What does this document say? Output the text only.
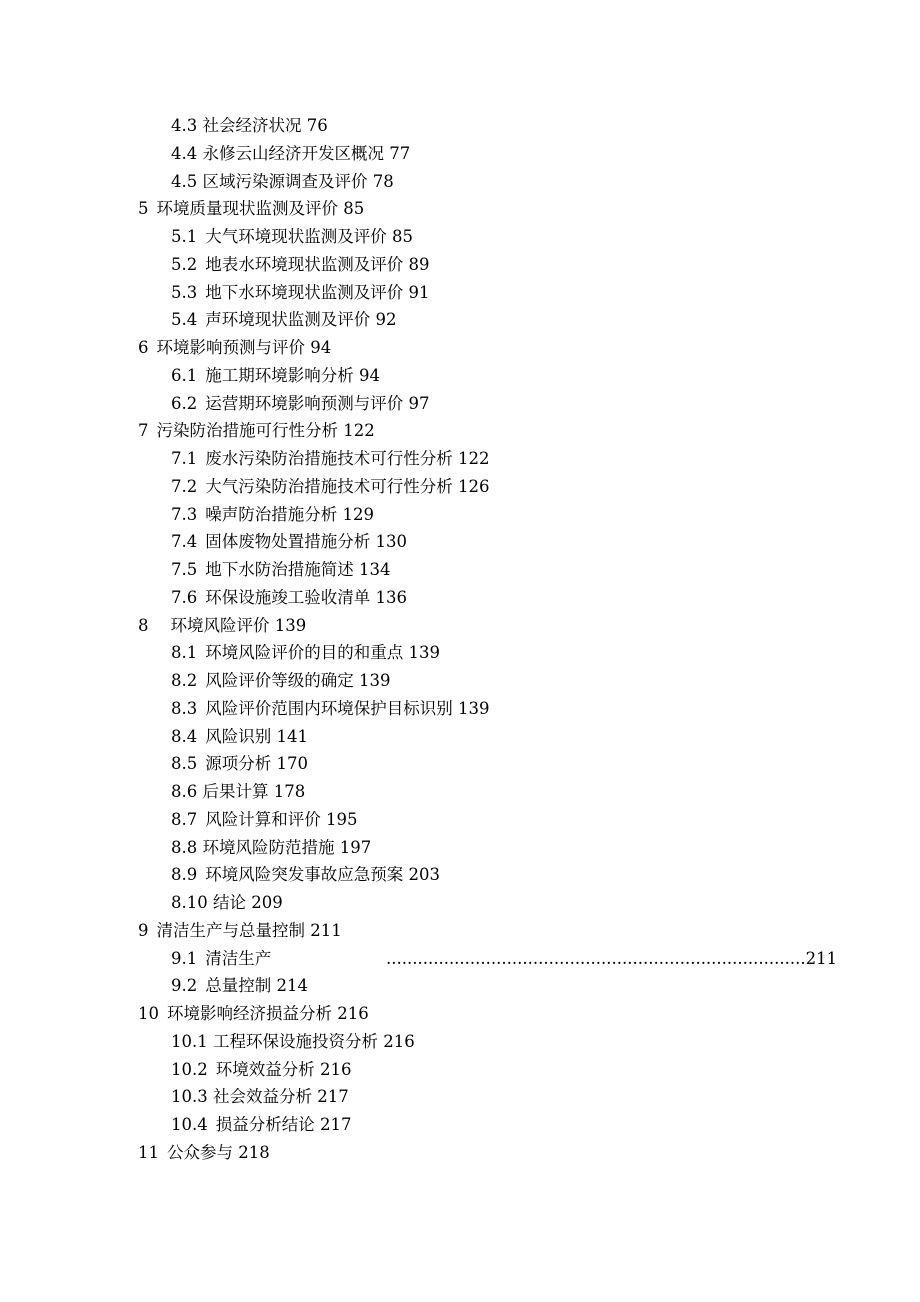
4.3 社会经济状况 76
4.4 永修云山经济开发区概况 77
4.5 区域污染源调查及评价 78
5 环境质量现状监测及评价 85
5.1 大气环境现状监测及评价 85
5.2 地表水环境现状监测及评价 89
5.3 地下水环境现状监测及评价 91
5.4 声环境现状监测及评价 92
6 环境影响预测与评价 94
6.1 施工期环境影响分析 94
6.2 运营期环境影响预测与评价 97
7 污染防治措施可行性分析 122
7.1 废水污染防治措施技术可行性分析 122
7.2 大气污染防治措施技术可行性分析 126
7.3 噪声防治措施分析 129
7.4 固体废物处置措施分析 130
7.5 地下水防治措施简述 134
7.6 环保设施竣工验收清单 136
8 环境风险评价 139
8.1 环境风险评价的目的和重点 139
8.2 风险评价等级的确定 139
8.3 风险评价范围内环境保护目标识别 139
8.4 风险识别 141
8.5 源项分析 170
8.6 后果计算 178
8.7 风险计算和评价 195
8.8 环境风险防范措施 197
8.9 环境风险突发事故应急预案 203
8.10 结论 209
9 清洁生产与总量控制 211
9.1 清洁生产	................................................................................211
9.2 总量控制 214
10 环境影响经济损益分析 216
10.1 工程环保设施投资分析 216
10.2 环境效益分析 216
10.3 社会效益分析 217
10.4 损益分析结论 217
11 公众参与 218
